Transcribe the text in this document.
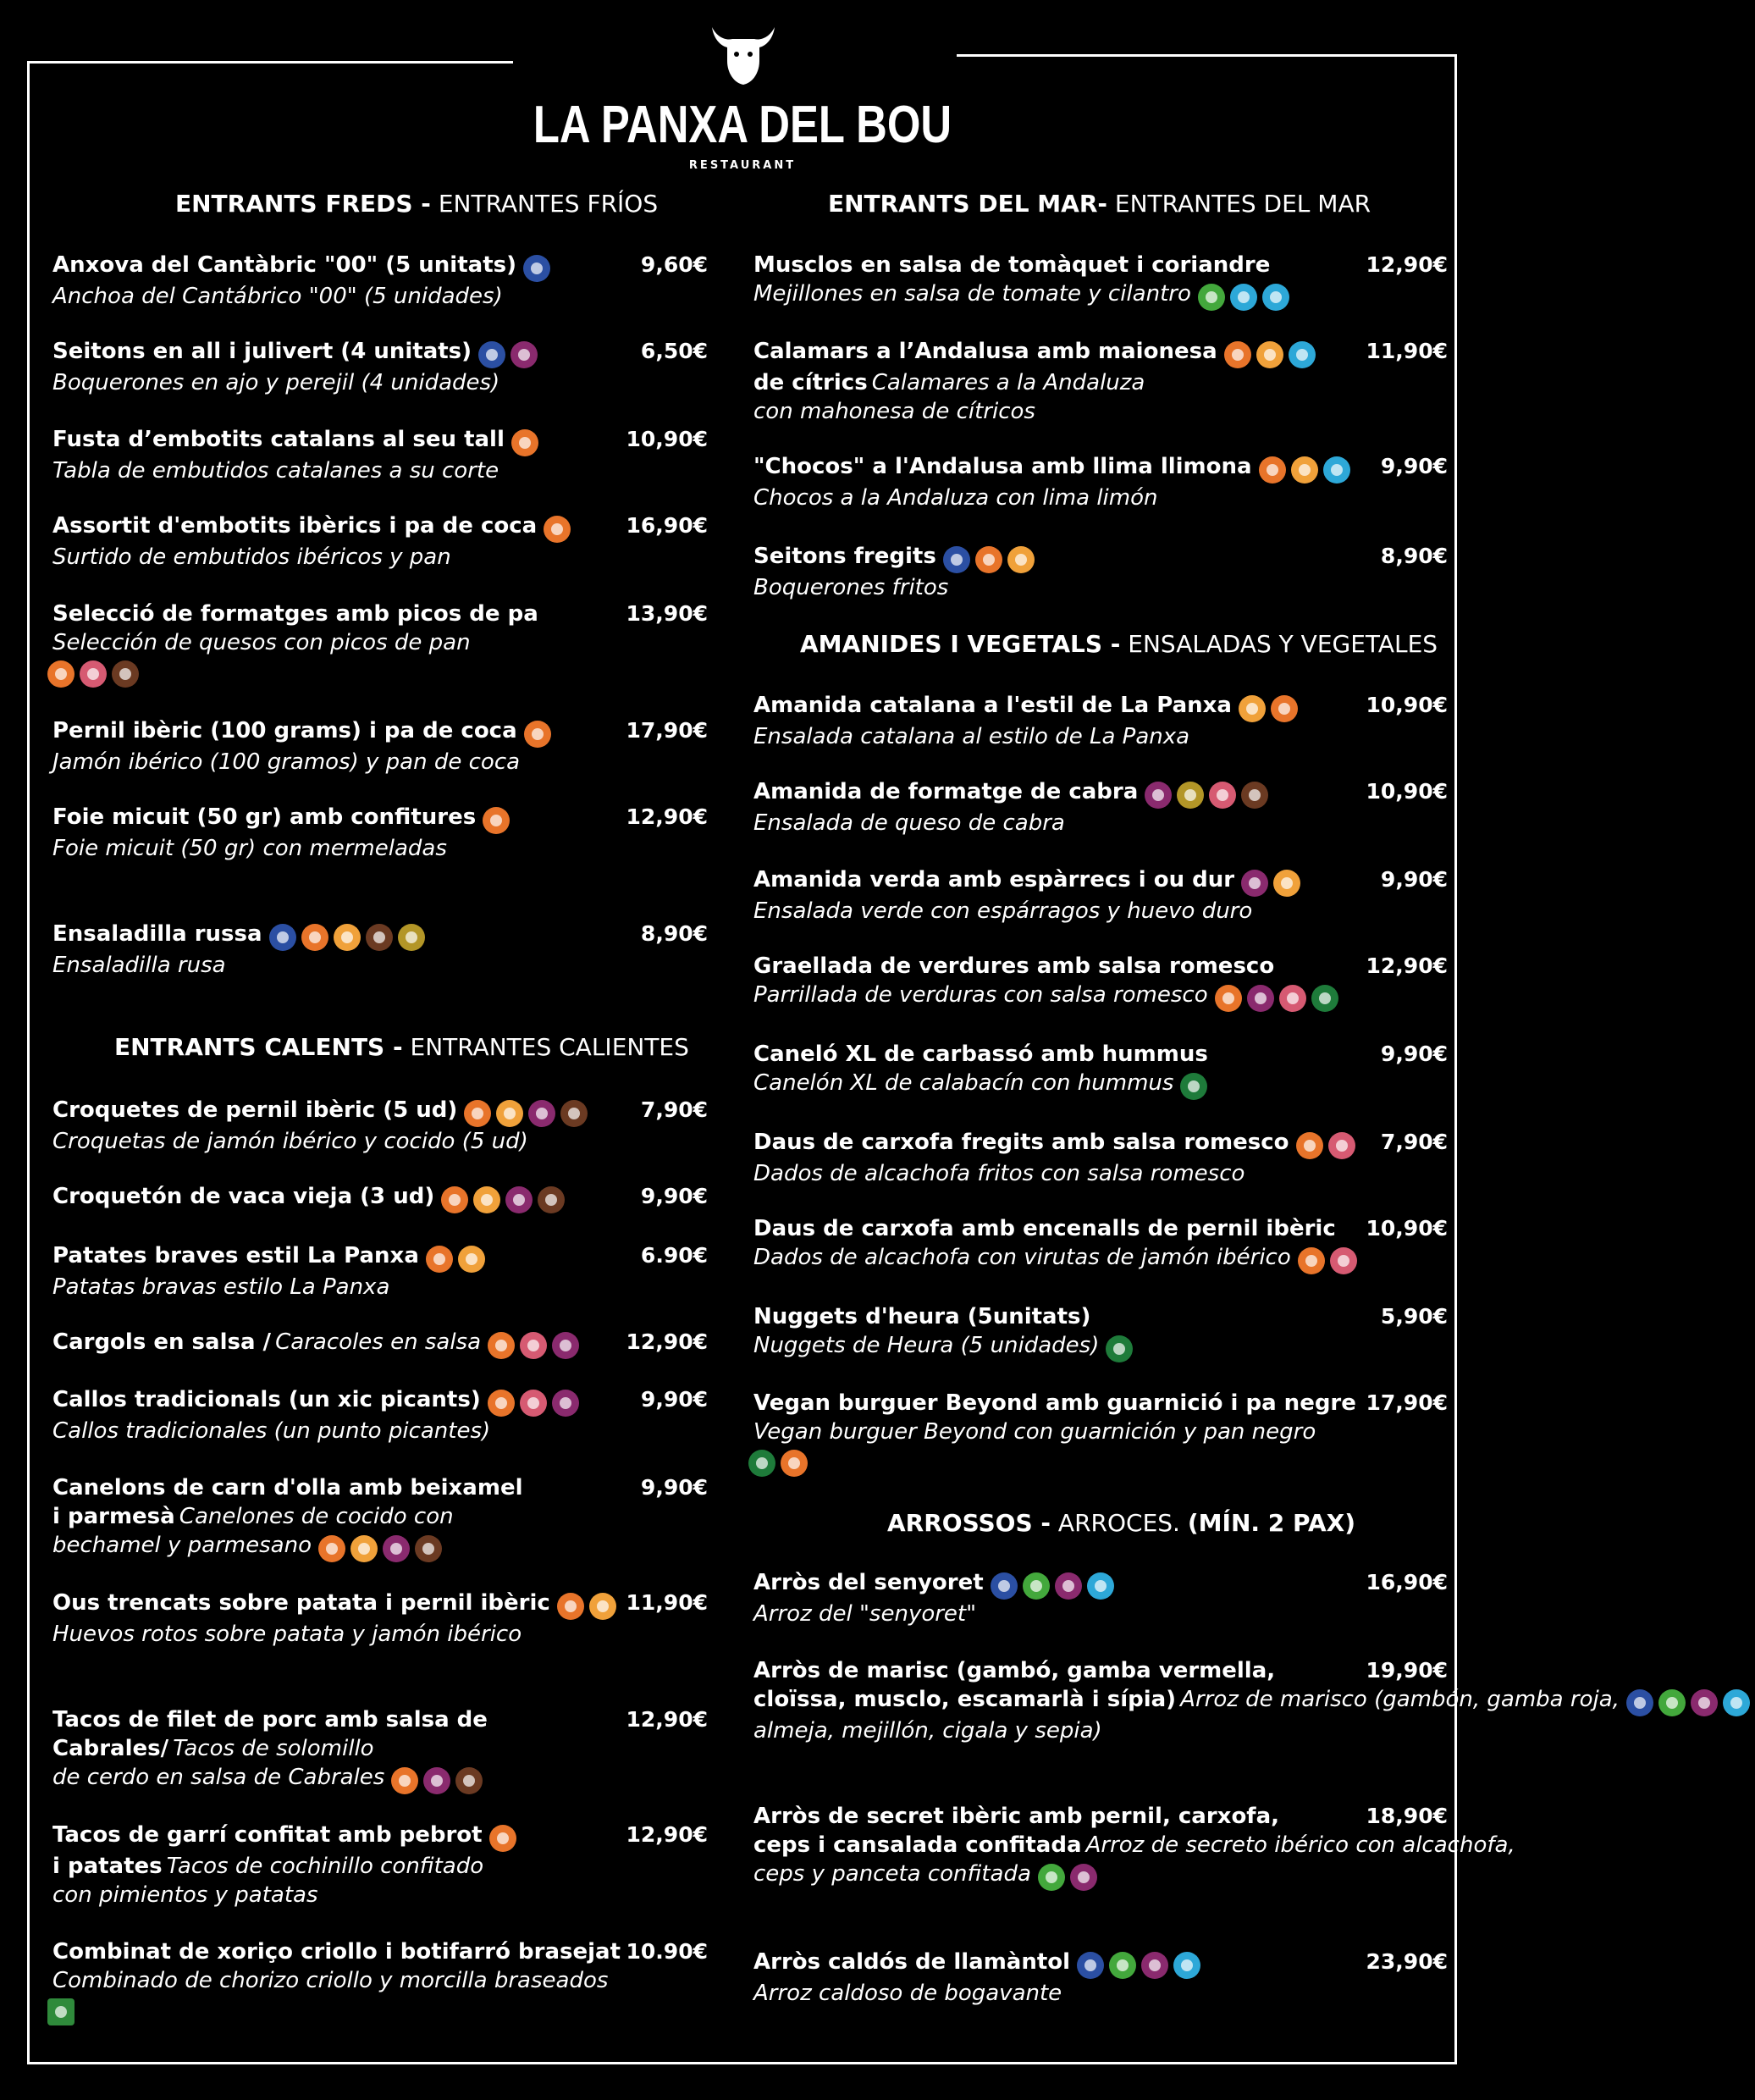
LA PANXA DEL BOU
RESTAURANT
ENTRANTS FREDS - ENTRANTES FRÍOS
ENTRANTS CALENTS - ENTRANTES CALIENTES
ENTRANTS DEL MAR- ENTRANTES DEL MAR
AMANIDES I VEGETALS - ENSALADAS Y VEGETALES
ARROSSOS - ARROCES. (MÍN. 2 PAX)
Anxova del Cantàbric "00" (5 unitats)
Anchoa del Cantábrico "00" (5 unidades)
9,60€
Seitons en all i julivert (4 unitats)
Boquerones en ajo y perejil (4 unidades)
6,50€
Fusta d’embotits catalans al seu tall
Tabla de embutidos catalanes a su corte
10,90€
Assortit d'embotits ibèrics i pa de coca
Surtido de embutidos ibéricos y pan
16,90€
Selecció de formatges amb picos de pa
Selección de quesos con picos de pan
13,90€
Pernil ibèric (100 grams) i pa de coca
Jamón ibérico (100 gramos) y pan de coca
17,90€
Foie micuit (50 gr) amb confitures
Foie micuit (50 gr) con mermeladas
12,90€
Ensaladilla russa
Ensaladilla rusa
8,90€
Croquetes de pernil ibèric (5 ud)
Croquetas de jamón ibérico y cocido (5 ud)
7,90€
Croquetón de vaca vieja (3 ud)	9,90€
Patates braves estil La Panxa
Patatas bravas estilo La Panxa
6.90€
Cargols en salsa / Caracoles en salsa	12,90€
Callos tradicionals (un xic picants)
Callos tradicionales (un punto picantes)
9,90€
Canelons de carn d'olla amb beixamel
i parmesà Canelones de cocido con
bechamel y parmesano
9,90€
Ous trencats sobre patata i pernil ibèric
Huevos rotos sobre patata y jamón ibérico
11,90€
Tacos de filet de porc amb salsa de
Cabrales/ Tacos de solomillo
de cerdo en salsa de Cabrales
12,90€
Tacos de garrí confitat amb pebrot
i patates Tacos de cochinillo confitado
con pimientos y patatas
12,90€
Combinat de xoriço criollo i botifarró brasejat
Combinado de chorizo criollo y morcilla braseados
10.90€
Musclos en salsa de tomàquet i coriandre
Mejillones en salsa de tomate y cilantro
12,90€
Calamars a l’Andalusa amb maionesa
de cítrics Calamares a la Andaluza
con mahonesa de cítricos
11,90€
"Chocos" a l'Andalusa amb llima llimona
Chocos a la Andaluza con lima limón
9,90€
Seitons fregits
Boquerones fritos
8,90€
Amanida catalana a l'estil de La Panxa
Ensalada catalana al estilo de La Panxa
10,90€
Amanida de formatge de cabra
Ensalada de queso de cabra
10,90€
Amanida verda amb espàrrecs i ou dur
Ensalada verde con espárragos y huevo duro
9,90€
Graellada de verdures amb salsa romesco
Parrillada de verduras con salsa romesco
12,90€
Caneló XL de carbassó amb hummus
Canelón XL de calabacín con hummus
9,90€
Daus de carxofa fregits amb salsa romesco
Dados de alcachofa fritos con salsa romesco
7,90€
Daus de carxofa amb encenalls de pernil ibèric
Dados de alcachofa con virutas de jamón ibérico
10,90€
Nuggets d'heura (5unitats)
Nuggets de Heura (5 unidades)
5,90€
Vegan burguer Beyond amb guarnició i pa negre
Vegan burguer Beyond con guarnición y pan negro
17,90€
Arròs del senyoret
Arroz del "senyoret"
16,90€
Arròs de marisc (gambó, gamba vermella,
cloïssa, musclo, escamarlà i sípia) Arroz de marisco (gambón, gamba roja,
almeja, mejillón, cigala y sepia)
19,90€
Arròs de secret ibèric amb pernil, carxofa,
ceps i cansalada confitada Arroz de secreto ibérico con alcachofa,
ceps y panceta confitada
18,90€
Arròs caldós de llamàntol
Arroz caldoso de bogavante
23,90€
